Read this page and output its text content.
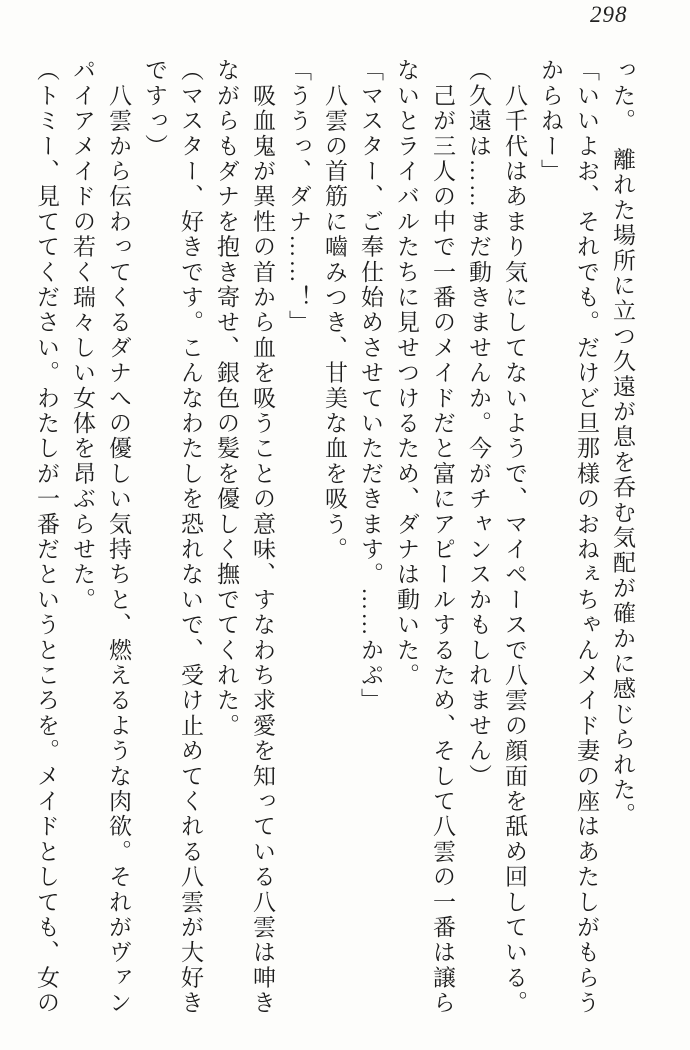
298

った。　離れた場所に立つ久遠が息を呑む気配が確かに感じられた。

「いいよお、それでも。だけど旦那様のおねぇちゃんメイド妻の座はあたしがもらうからねー」

　八千代はあまり気にしてないようで、マイペースで八雲の顔面を舐め回している。

（久遠は……まだ動きませんか。今がチャンスかもしれません）

　己が三人の中で一番のメイドだと富にアピールするため、そして八雲の一番は譲らないとライバルたちに見せつけるため、ダナは動いた。

「マスター、ご奉仕始めさせていただきます。……かぷ」

　八雲の首筋に嚙みつき、甘美な血を吸う。

「ううっ、ダナ……！」

　吸血鬼が異性の首から血を吸うことの意味、すなわち求愛を知っている八雲は呻きながらもダナを抱き寄せ、銀色の髪を優しく撫でてくれた。

（マスター、好きです。こんなわたしを恐れないで、受け止めてくれる八雲が大好きですっ）

　八雲から伝わってくるダナへの優しい気持ちと、燃えるような肉欲。それがヴァンパイアメイドの若く瑞々しい女体を昂ぶらせた。

（トミー、見ててください。わたしが一番だというところを。メイドとしても、女の
